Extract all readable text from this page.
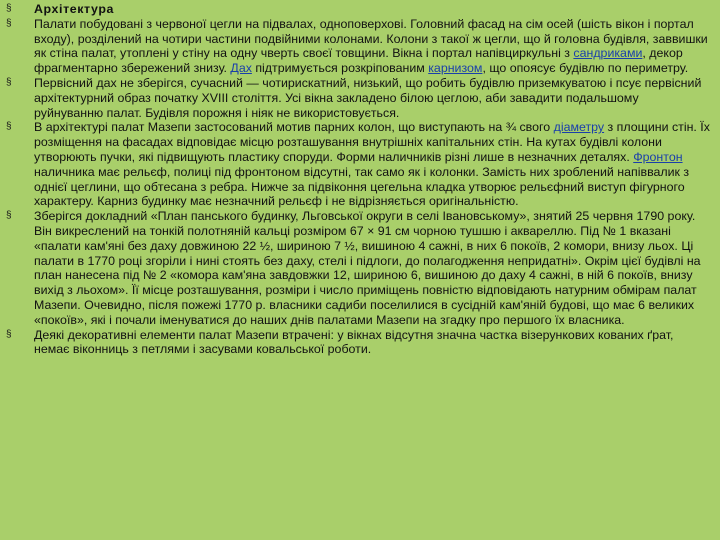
§ Архітектура
§ Палати побудовані з червоної цегли на підвалах, одноповерхові. Головний фасад на сім осей (шість вікон і портал входу), розділений на чотири частини подвійними колонами. Колони з такої ж цегли, що й головна будівля, заввишки як стіна палат, утоплені у стіну на одну чверть своєї товщини. Вікна і портал напівциркульні з сандриками, декор фрагментарно збережений знизу. Дах підтримується розкріпованим карнизом, що опоясує будівлю по периметру.
§ Первісний дах не зберігся, сучасний — чотирискатний, низький, що робить будівлю приземкуватою і псує первісний архітектурний образ початку XVIII століття. Усі вікна закладено білою цеглою, аби завадити подальшому руйнуванню палат. Будівля порожня і ніяк не використовується.
§ В архітектурі палат Мазепи застосований мотив парних колон, що виступають на ¾ свого діаметру з площини стін. Їх розміщення на фасадах відповідає місцю розташування внутрішніх капітальних стін. На кутах будівлі колони утворюють пучки, які підвищують пластику споруди. Форми наличників різні лише в незначних деталях. Фронтон наличника має рельєф, полиці під фронтоном відсутні, так само як і колонки. Замість них зроблений напіввалик з однієї цеглини, що обтесана з ребра. Нижче за підвіконня цегельна кладка утворює рельєфний виступ фігурного характеру. Карниз будинку має незначний рельєф і не відрізняється оригінальністю.
§ Зберігся докладний «План панського будинку, Льговської округи в селі Івановському», знятий 25 червня 1790 року. Він викреслений на тонкій полотняній кальці розміром 67 × 91 см чорною тушшю і аквареллю. Під № 1 вказані «палати кам'яні без даху довжиною 22 ½, шириною 7 ½, вишиною 4 сажні, в них 6 покоїв, 2 комори, внизу льох. Ці палати в 1770 році згоріли і нині стоять без даху, стелі і підлоги, до полагодження непридатні». Окрім цієї будівлі на план нанесена під № 2 «комора кам'яна завдовжки 12, шириною 6, вишиною до даху 4 сажні, в ній 6 покоїв, внизу вихід з льохом». Її місце розташування, розміри і число приміщень повністю відповідають натурним обмірам палат Мазепи. Очевидно, після пожежі 1770 р. власники садиби поселилися в сусідній кам'яній будові, що має 6 великих «покоїв», які і почали іменуватися до наших днів палатами Мазепи на згадку про першого їх власника.
§ Деякі декоративні елементи палат Мазепи втрачені: у вікнах відсутня значна частка візерункових кованих ґрат, немає віконниць з петлями і засувами ковальської роботи.
